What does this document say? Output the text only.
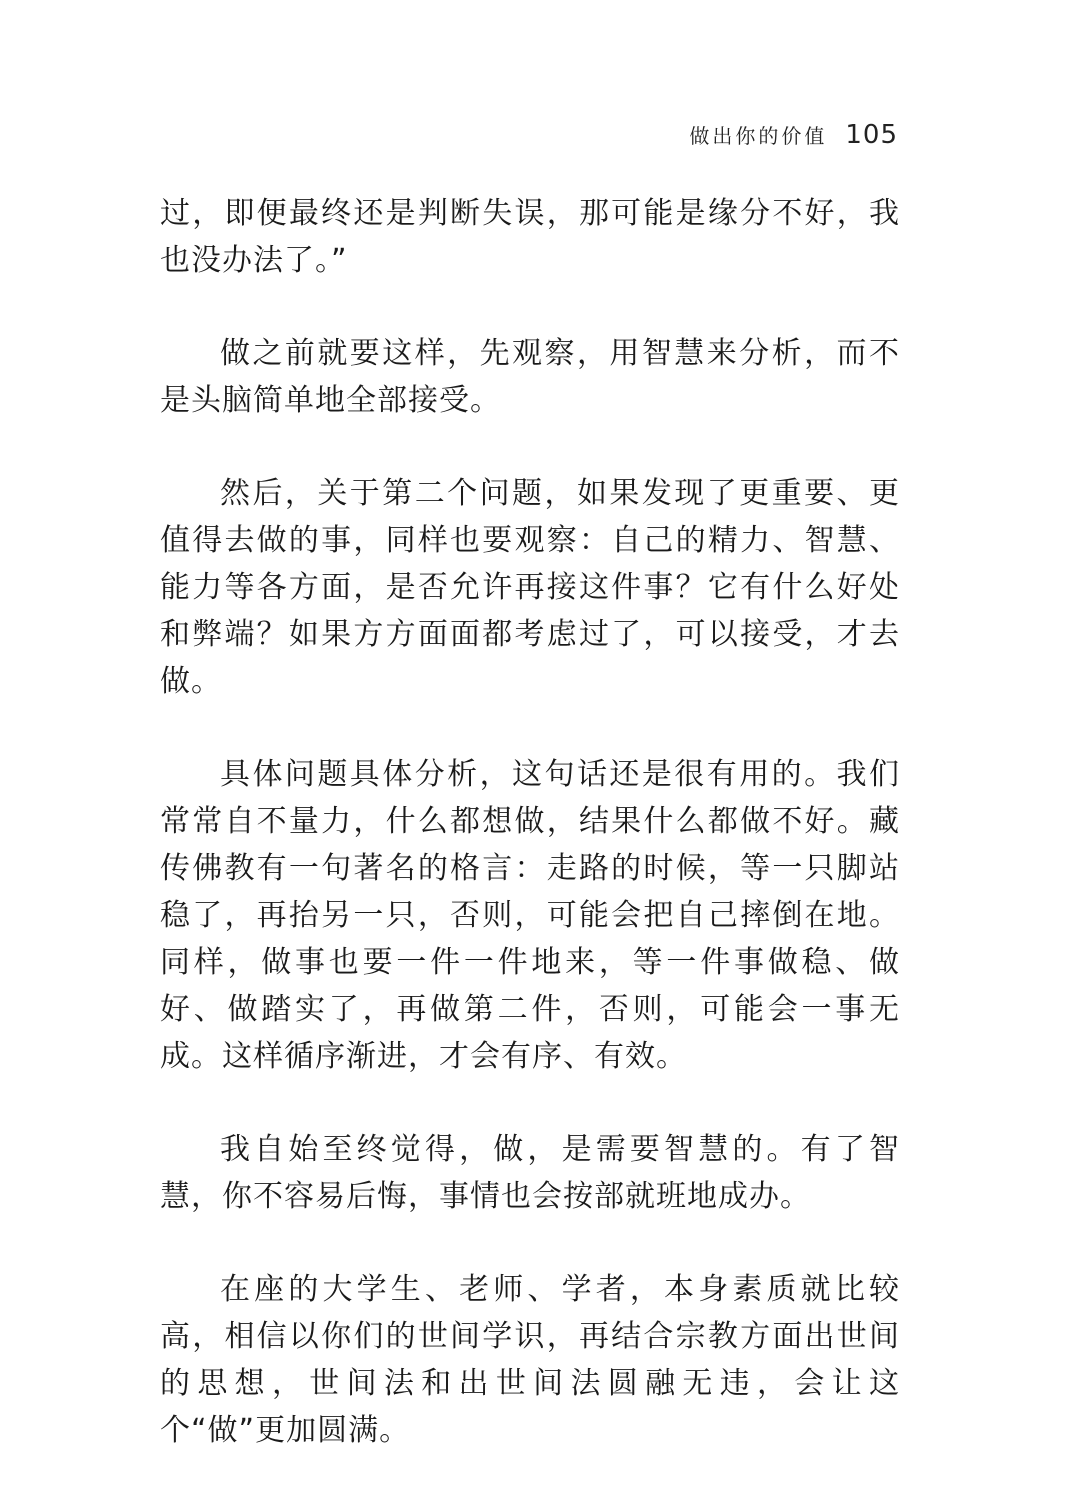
做出你的价值 105

过，即便最终还是判断失误，那可能是缘分不好，我也没办法了。”

做之前就要这样，先观察，用智慧来分析，而不是头脑简单地全部接受。

然后，关于第二个问题，如果发现了更重要、更值得去做的事，同样也要观察：自己的精力、智慧、能力等各方面，是否允许再接这件事？它有什么好处和弊端？如果方方面面都考虑过了，可以接受，才去做。

具体问题具体分析，这句话还是很有用的。我们常常自不量力，什么都想做，结果什么都做不好。藏传佛教有一句著名的格言：走路的时候，等一只脚站稳了，再抬另一只，否则，可能会把自己摔倒在地。同样，做事也要一件一件地来，等一件事做稳、做好、做踏实了，再做第二件，否则，可能会一事无成。这样循序渐进，才会有序、有效。

我自始至终觉得，做，是需要智慧的。有了智慧，你不容易后悔，事情也会按部就班地成办。

在座的大学生、老师、学者，本身素质就比较高，相信以你们的世间学识，再结合宗教方面出世间的思想，世间法和出世间法圆融无违，会让这个“做”更加圆满。
